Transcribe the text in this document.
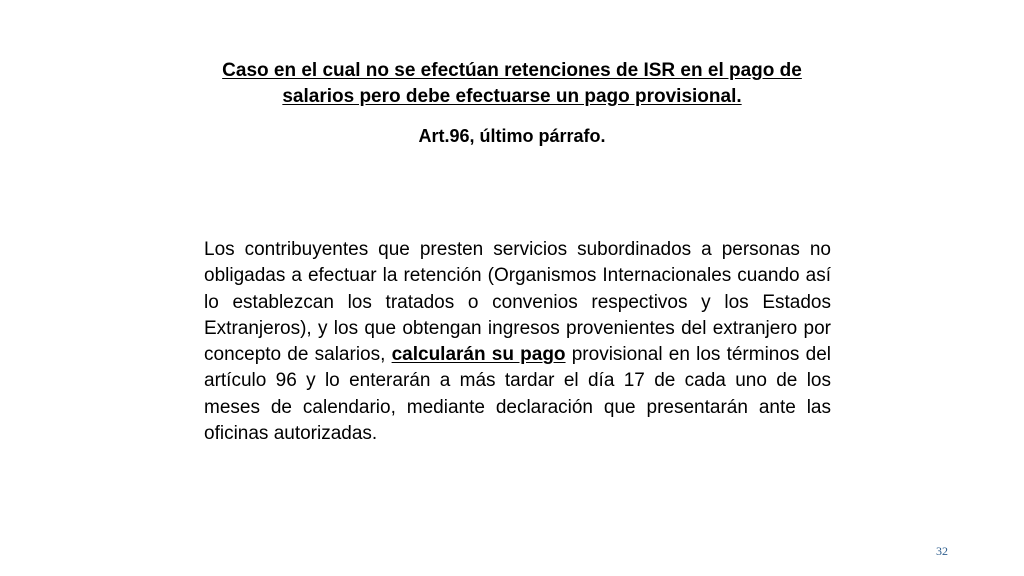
Caso en el cual no se efectúan retenciones de ISR en el pago de salarios pero debe efectuarse un pago provisional.

Art.96, último párrafo.

Los contribuyentes que presten servicios subordinados a personas no obligadas a efectuar la retención (Organismos Internacionales cuando así lo establezcan los tratados o convenios respectivos y los Estados Extranjeros), y los que obtengan ingresos provenientes del extranjero por concepto de salarios, calcularán su pago provisional en los términos del artículo 96 y lo enterarán a más tardar el día 17 de cada uno de los meses de calendario, mediante declaración que presentarán ante las oficinas autorizadas.

32
